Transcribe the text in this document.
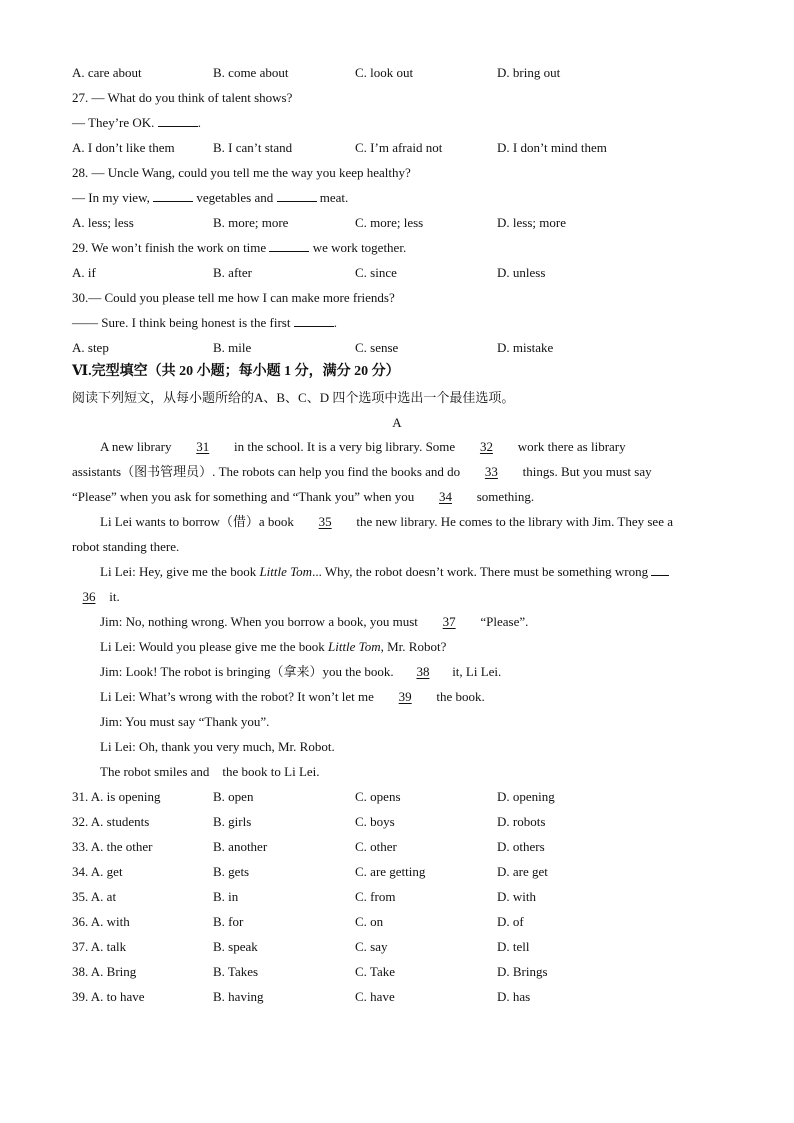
A. care about	B. come about	C. look out	D. bring out
27. — What do you think of talent shows?
— They’re OK.	.
A. I don’t like them	B. I can’t stand	C. I’m afraid not	D. I don’t mind them
28. — Uncle Wang, could you tell me the way you keep healthy?
— In my view,	vegetables and	meat.
A. less; less	B. more; more	C. more; less	D. less; more
29. We won’t finish the work on time	we work together.
A. if	B. after	C. since	D. unless
30.— Could you please tell me how I can make more friends?
—— Sure. I think being honest is the first	.
A. step	B. mile	C. sense	D. mistake
Ⅵ.完型填空（共 20 小题；每小题 1 分，满分 20 分）
阅读下列短文，从每小题所给的A、B、C、D 四个选项中选出一个最佳选项。
A
A new library 31 in the school. It is a very big library. Some 32 work there as library
assistants（图书管理员）. The robots can help you find the books and do 33 things. But you must say
“Please” when you ask for something and “Thank you” when you 34 something.
Li Lei wants to borrow（借）a book 35 the new library. He comes to the library with Jim. They see a
robot standing there.
Li Lei: Hey, give me the book Little Tom... Why, the robot doesn’t work. There must be something wrong
36 it.
Jim: No, nothing wrong. When you borrow a book, you must 37 “Please”.
Li Lei: Would you please give me the book Little Tom, Mr. Robot?
Jim: Look! The robot is bringing（拿来）you the book. 38 it, Li Lei.
Li Lei: What’s wrong with the robot? It won’t let me 39 the book.
Jim: You must say “Thank you”.
Li Lei: Oh, thank you very much, Mr. Robot.
The robot smiles and    the book to Li Lei.
31. A. is opening	B. open	C. opens	D. opening
32. A. students	B. girls	C. boys	D. robots
33. A. the other	B. another	C. other	D. others
34. A. get	B. gets	C. are getting	D. are get
35. A. at	B. in	C. from	D. with
36. A. with	B. for	C. on	D. of
37. A. talk	B. speak	C. say	D. tell
38. A. Bring	B. Takes	C. Take	D. Brings
39. A. to have	B. having	C. have	D. has
